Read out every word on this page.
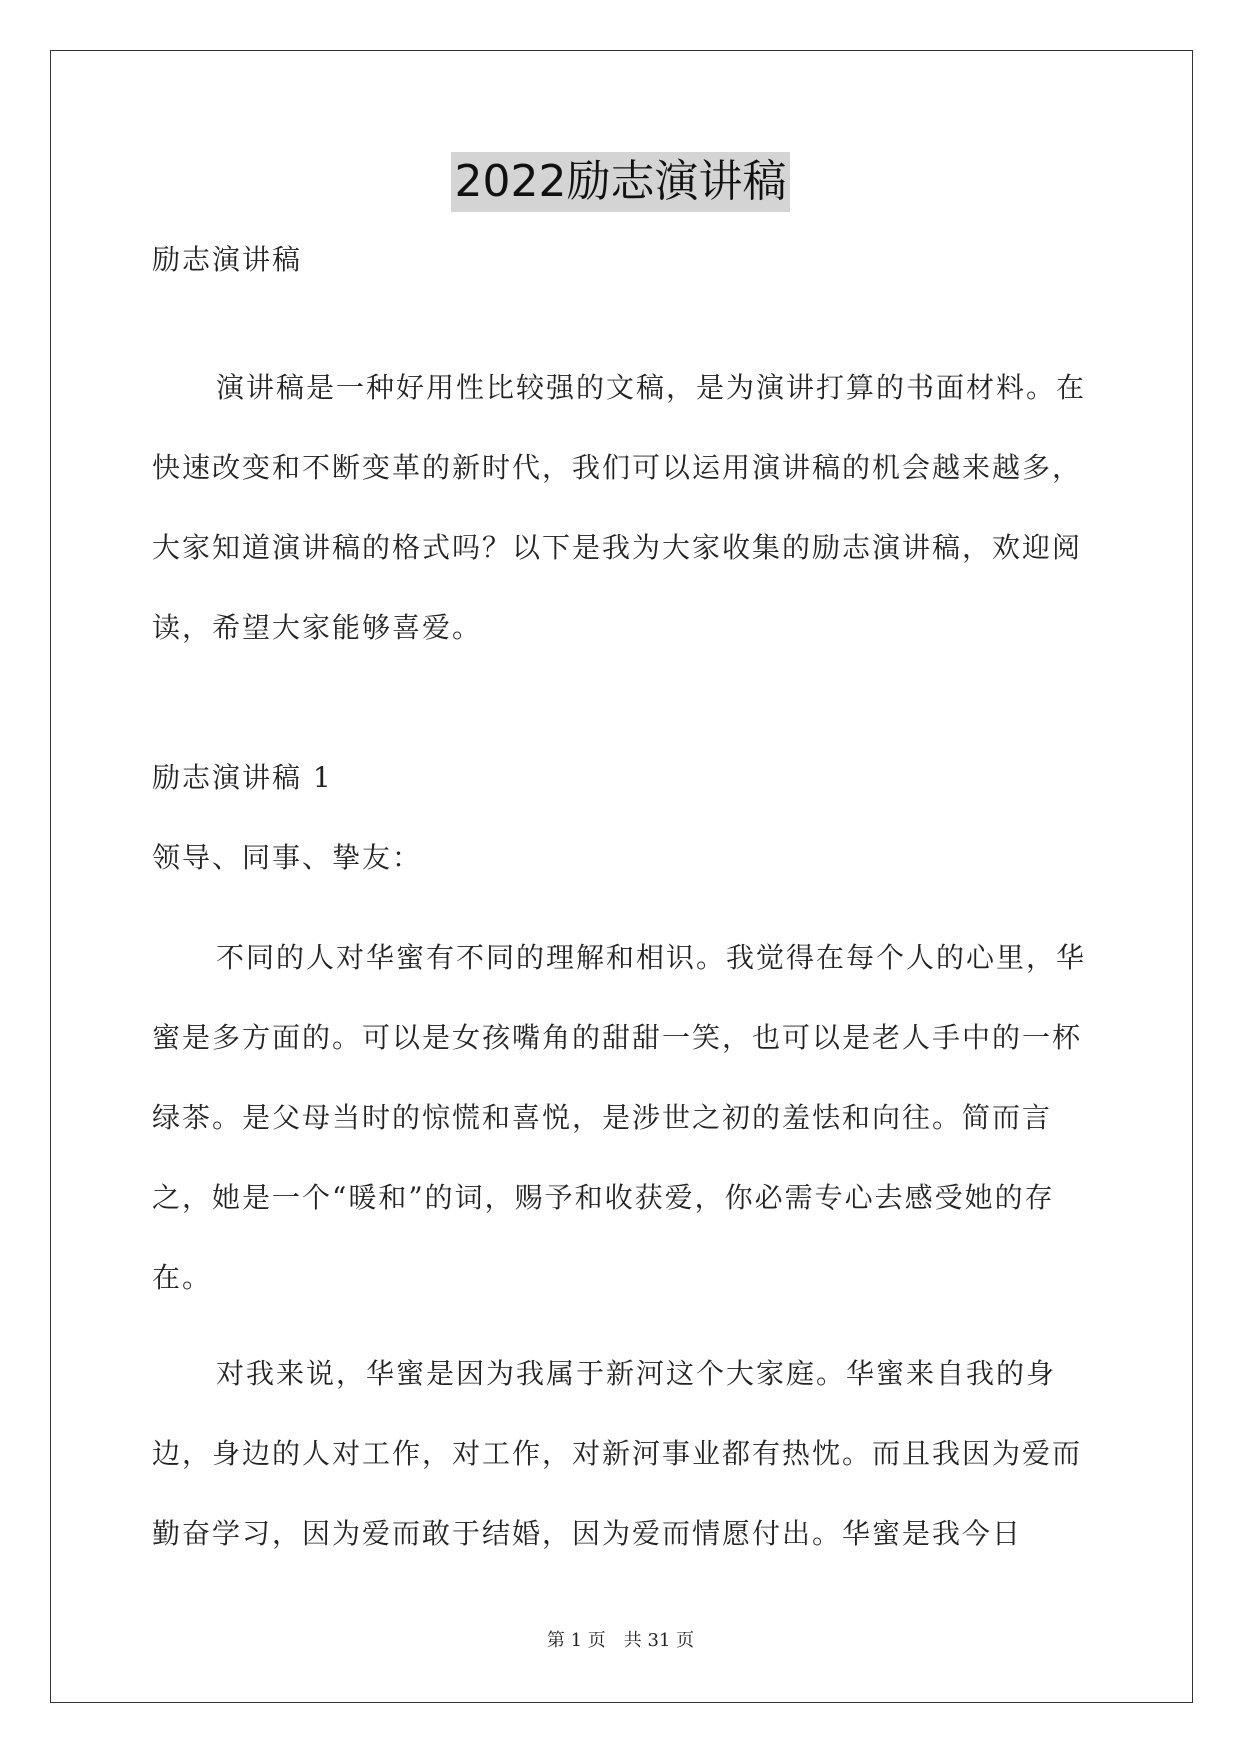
2022励志演讲稿

励志演讲稿

演讲稿是一种好用性比较强的文稿，是为演讲打算的书面材料。在快速改变和不断变革的新时代，我们可以运用演讲稿的机会越来越多，大家知道演讲稿的格式吗？以下是我为大家收集的励志演讲稿，欢迎阅读，希望大家能够喜爱。

励志演讲稿 1

领导、同事、挚友：

不同的人对华蜜有不同的理解和相识。我觉得在每个人的心里，华蜜是多方面的。可以是女孩嘴角的甜甜一笑，也可以是老人手中的一杯绿茶。是父母当时的惊慌和喜悦，是涉世之初的羞怯和向往。简而言之，她是一个“暖和”的词，赐予和收获爱，你必需专心去感受她的存在。

对我来说，华蜜是因为我属于新河这个大家庭。华蜜来自我的身边，身边的人对工作，对工作，对新河事业都有热忱。而且我因为爱而勤奋学习，因为爱而敢于结婚，因为爱而情愿付出。华蜜是我今日

第 1 页　共 31 页
